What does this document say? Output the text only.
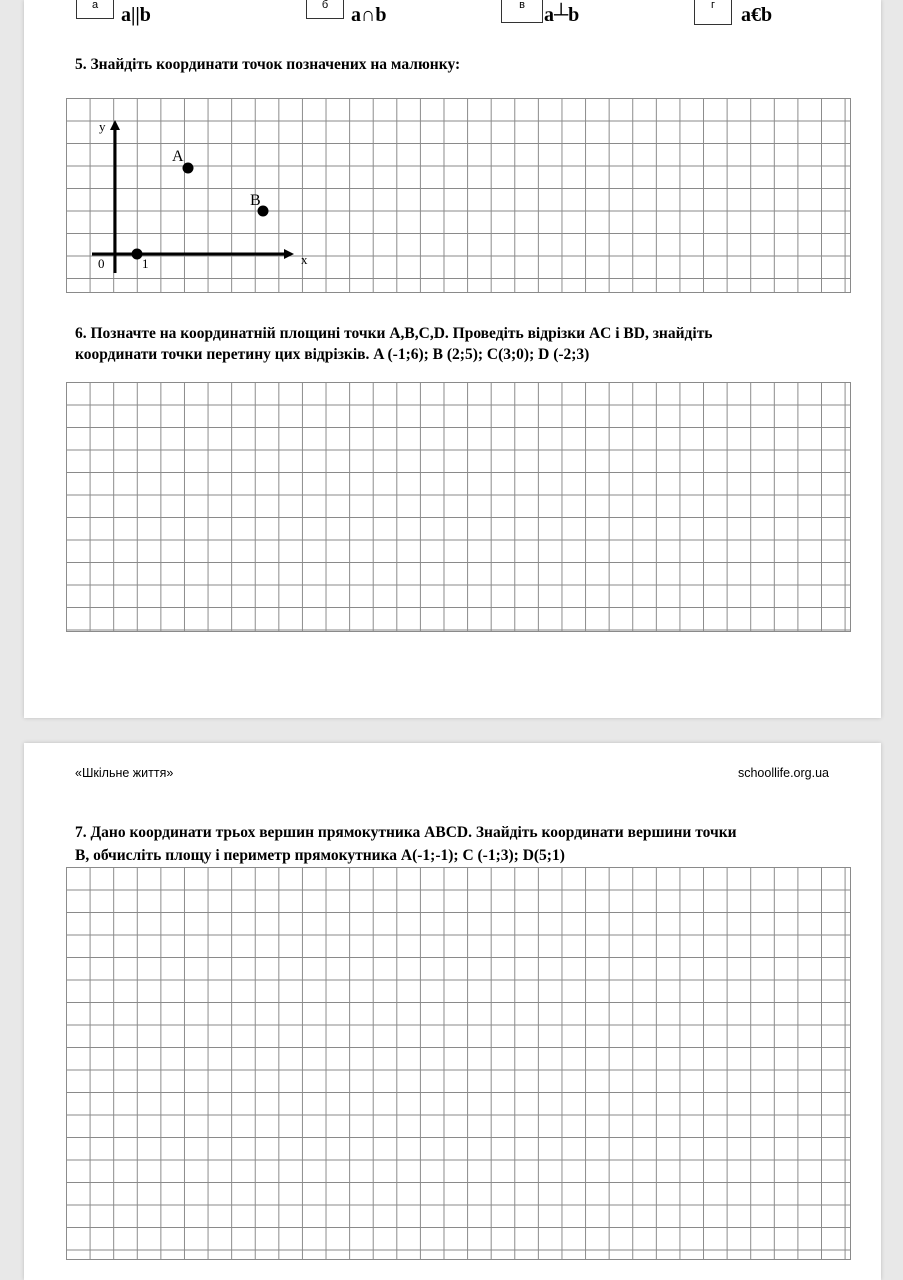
а	a||b	б	a∩b	в a┴b	г	a€b
5. Знайдіть координати точок позначених на малюнку:
y
x
0	1
A
B
6. Позначте на координатній площині точки A,B,C,D. Проведіть відрізки AC і BD, знайдіть
координати точки перетину цих відрізків. A (-1;6); B (2;5); C(3;0); D (-2;3)
«Шкільне життя»	schoollife.org.ua
7. Дано координати трьох вершин прямокутника ABCD. Знайдіть координати вершини точки
B, обчисліть площу і периметр прямокутника A(-1;-1); C (-1;3); D(5;1)
